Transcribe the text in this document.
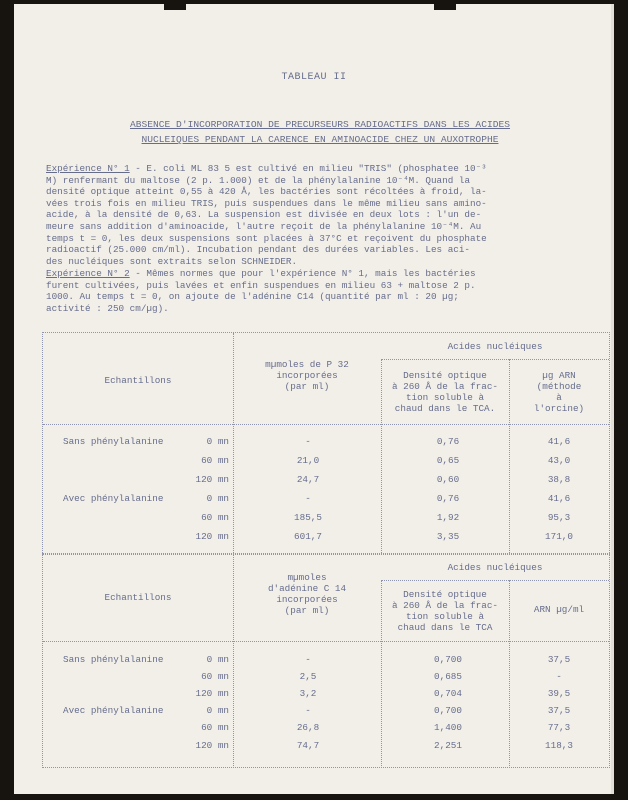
TABLEAU II
ABSENCE D'INCORPORATION DE PRECURSEURS RADIOACTIFS DANS LES ACIDES
NUCLEIQUES PENDANT LA CARENCE EN AMINOACIDE CHEZ UN AUXOTROPHE
Expérience N° 1 - E. coli ML 83 5 est cultivé en milieu "TRIS" (phosphatee 10⁻³
M) renfermant du maltose (2 p. 1.000) et de la phénylalanine 10⁻⁴M. Quand la
densité optique atteint 0,55 à 420 Å, les bactéries sont récoltées à froid, la-
vées trois fois en milieu TRIS, puis suspendues dans le même milieu sans amino-
acide, à la densité de 0,63. La suspension est divisée en deux lots : l'un de-
meure sans addition d'aminoacide, l'autre reçoit de la phénylalanine 10⁻⁴M. Au
temps t = 0, les deux suspensions sont placées à 37°C et reçoivent du phosphate
radioactif (25.000 cm/ml). Incubation pendant des durées variables. Les aci-
des nucléiques sont extraits selon SCHNEIDER.
Expérience N° 2 - Mêmes normes que pour l'expérience N° 1, mais les bactéries
furent cultivées, puis lavées et enfin suspendues en milieu 63 + maltose 2 p.
1000. Au temps t = 0, on ajoute de l'adénine C14 (quantité par ml : 20 µg;
activité : 250 cm/µg).
Echantillons
mµmoles de P 32
incorporées
(par ml)
Acides nucléiques
Densité optique
à 260 Å de la frac-
tion soluble à
chaud dans le TCA.
µg ARN
(méthode
à
l'orcine)
Sans phénylalanine
Avec phénylalanine
0 mn
60 mn
120 mn
0 mn
60 mn
120 mn
-
21,0
24,7
-
185,5
601,7
0,76
0,65
0,60
0,76
1,92
3,35
41,6
43,0
38,8
41,6
95,3
171,0
Echantillons
mµmoles
d'adénine C 14
incorporées
(par ml)
Acides nucléiques
Densité optique
à 260 Å de la frac-
tion soluble à
chaud dans le TCA
ARN µg/ml
Sans phénylalanine
Avec phénylalanine
0 mn
60 mn
120 mn
0 mn
60 mn
120 mn
-
2,5
3,2
-
26,8
74,7
0,700
0,685
0,704
0,700
1,400
2,251
37,5
-
39,5
37,5
77,3
118,3
